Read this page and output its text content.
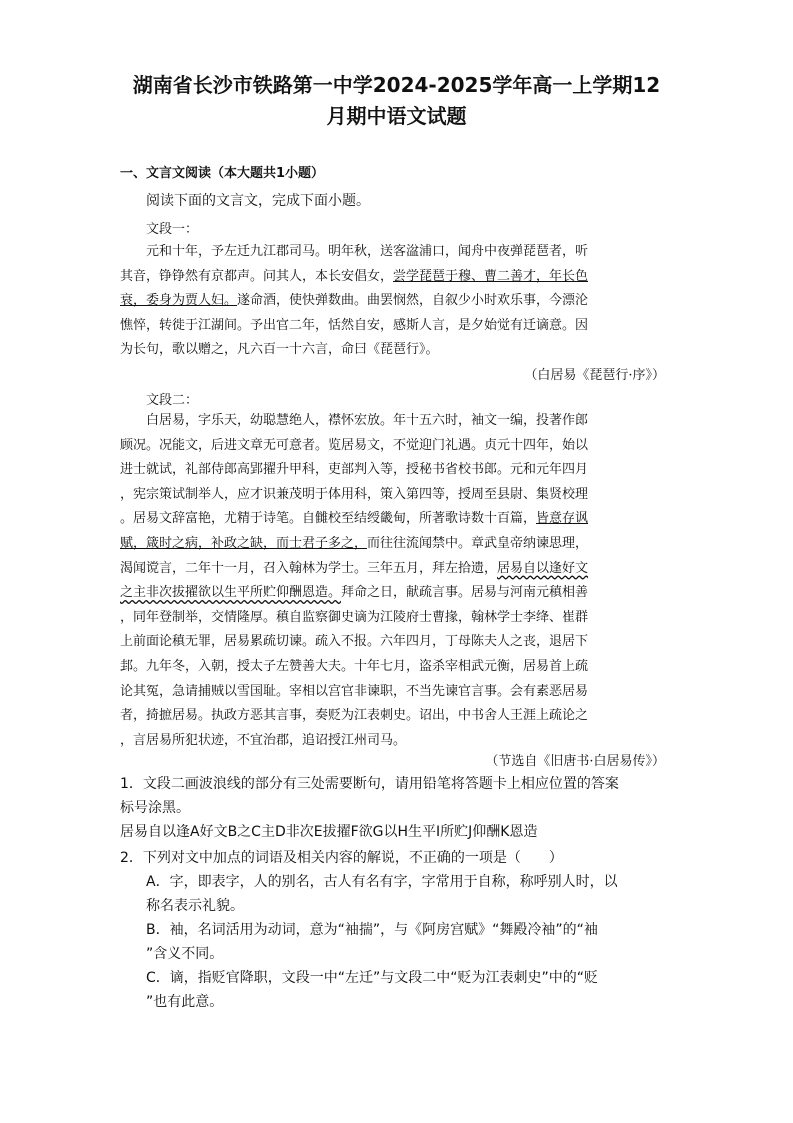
湖南省长沙市铁路第一中学2024-2025学年高一上学期12
月期中语文试题
一、文言文阅读（本大题共1小题）
阅读下面的文言文，完成下面小题。
文段一：
元和十年，予左迁九江郡司马。明年秋，送客湓浦口，闻舟中夜弹琵琶者，听
其音，铮铮然有京都声。问其人，本长安倡女，尝学琵琶于穆、曹二善才，年长色
衰，委身为贾人妇。遂命酒，使快弹数曲。曲罢悯然，自叙少小时欢乐事，今漂沦
憔悴，转徙于江湖间。予出官二年，恬然自安，感斯人言，是夕始觉有迁谪意。因
为长句，歌以赠之，凡六百一十六言，命曰《琵琶行》。
（白居易《琵琶行·序》）
文段二：
白居易，字乐天，幼聪慧绝人，襟怀宏放。年十五六时，袖文一编，投著作郎
顾况。况能文，后进文章无可意者。览居易文，不觉迎门礼遇。贞元十四年，始以
进士就试，礼部侍郎高郢擢升甲科，吏部判入等，授秘书省校书郎。元和元年四月
，宪宗策试制举人，应才识兼茂明于体用科，策入第四等，授周至县尉、集贤校理
。居易文辞富艳，尤精于诗笔。自雠校至结绶畿甸，所著歌诗数十百篇，皆意存讽
赋，箴时之病，补政之缺，而士君子多之，而往往流闻禁中。章武皇帝纳谏思理，
渴闻谠言，二年十一月，召入翰林为学士。三年五月，拜左拾遗，居易自以逢好文
之主非次拔擢欲以生平所贮仰酬恩造。拜命之日，献疏言事。居易与河南元稹相善
，同年登制举，交情隆厚。稹自监察御史谪为江陵府士曹掾，翰林学士李绛、崔群
上前面论稹无罪，居易累疏切谏。疏入不报。六年四月，丁母陈夫人之丧，退居下
邽。九年冬，入朝，授太子左赞善大夫。十年七月，盗杀宰相武元衡，居易首上疏
论其冤，急请捕贼以雪国耻。宰相以宫官非谏职，不当先谏官言事。会有素恶居易
者，掎摭居易。执政方恶其言事，奏贬为江表刺史。诏出，中书舍人王涯上疏论之
，言居易所犯状迹，不宜治郡，追诏授江州司马。
（节选自《旧唐书·白居易传》）
1．文段二画波浪线的部分有三处需要断句，请用铅笔将答题卡上相应位置的答案
标号涂黑。
居易自以逢A好文B之C主D非次E拔擢F欲G以H生平I所贮J仰酬K恩造
2．下列对文中加点的词语及相关内容的解说，不正确的一项是（　　）
A．字，即表字，人的别名，古人有名有字，字常用于自称，称呼别人时，以
称名表示礼貌。
B．袖，名词活用为动词，意为“袖揣”，与《阿房宫赋》“舞殿冷袖”的“袖
”含义不同。
C．谪，指贬官降职，文段一中“左迁”与文段二中“贬为江表刺史”中的“贬
”也有此意。
